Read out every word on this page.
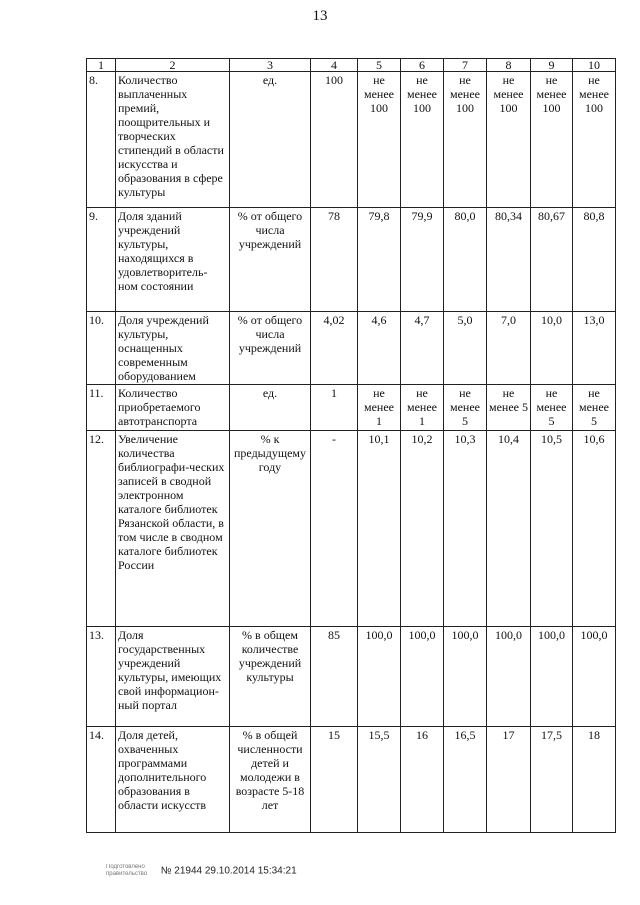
13
1	2	3	4	5	6	7	8	9	10
8.	Количество выплаченных премий, поощрительных и творческих стипендий в области искусства и образования в сфере культуры	ед.	100	не менее 100	не менее 100	не менее 100	не менее 100	не менее 100	не менее 100
9.	Доля зданий учреждений культуры, находящихся в удовлетворитель-ном состоянии	% от общего числа учреждений	78	79,8	79,9	80,0	80,34	80,67	80,8
10.	Доля учреждений культуры, оснащенных современным оборудованием	% от общего числа учреждений	4,02	4,6	4,7	5,0	7,0	10,0	13,0
11.	Количество приобретаемого автотранспорта	ед.	1	не менее 1	не менее 1	не менее 5	не менее 5	не менее 5	не менее 5
12.	Увеличение количества библиографи-ческих записей в сводной электронном каталоге библиотек Рязанской области, в том числе в сводном каталоге библиотек России	% к предыдущему году	-	10,1	10,2	10,3	10,4	10,5	10,6
13.	Доля государственных учреждений культуры, имеющих свой информацион-ный портал	% в общем количестве учреждений культуры	85	100,0	100,0	100,0	100,0	100,0	100,0
14.	Доля детей, охваченных программами дополнительного образования в области искусств	% в общей численности детей и молодежи в возрасте 5-18 лет	15	15,5	16	16,5	17	17,5	18
Подготовлено
правительство	№ 21944 29.10.2014 15:34:21
